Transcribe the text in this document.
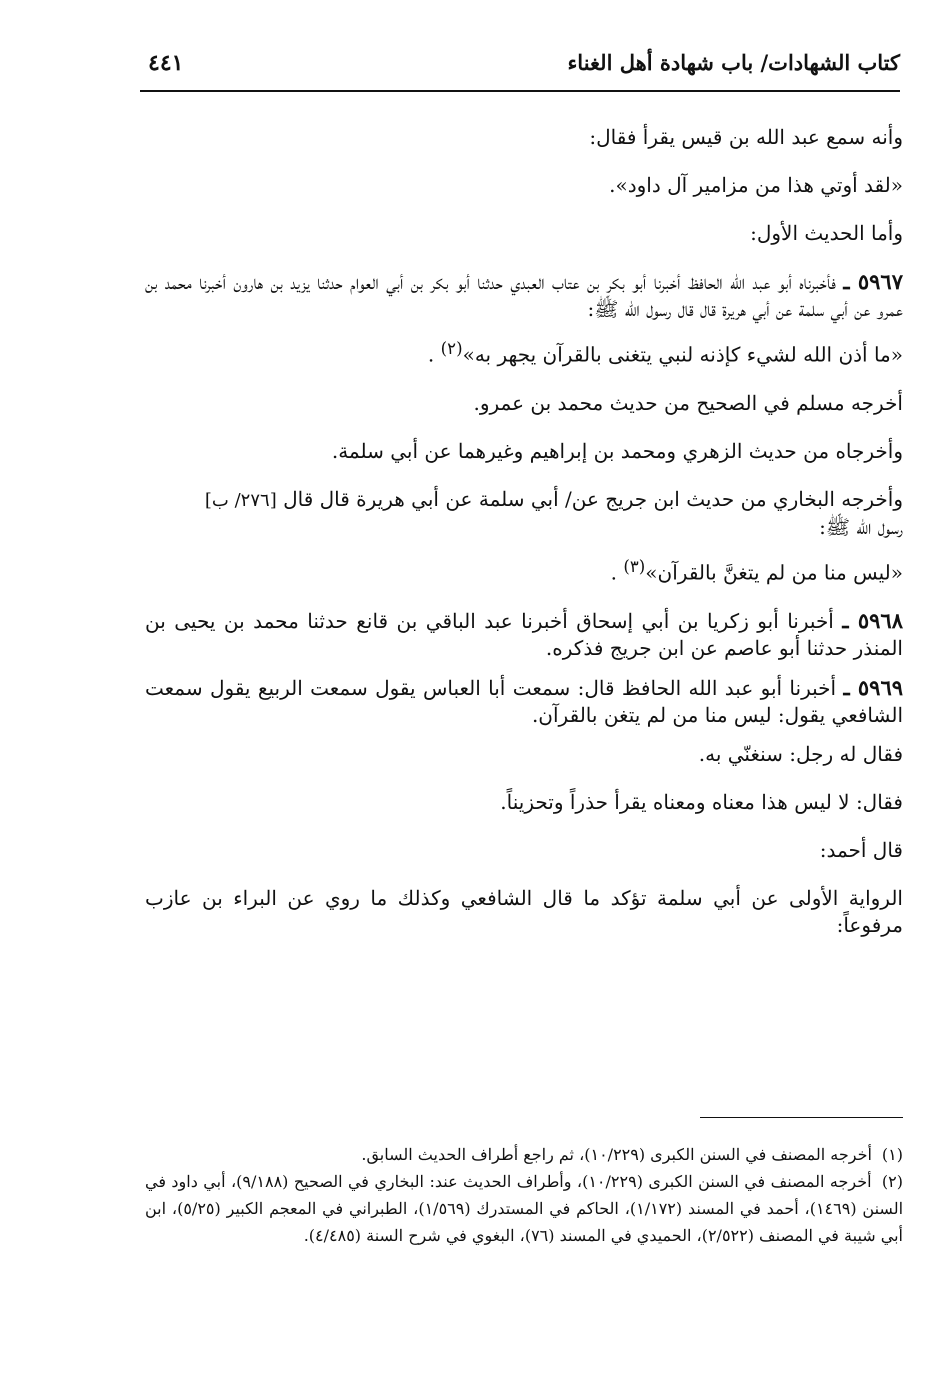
كتاب الشهادات/ باب شهادة أهل الغناء
٤٤١

وأنه سمع عبد الله بن قيس يقرأ فقال:

«لقد أوتي هذا من مزامير آل داود».

وأما الحديث الأول:

٥٩٦٧ ـ فأخبرناه أبو عبد الله الحافظ أخبرنا أبو بكر بن عتاب العبدي حدثنا أبو بكر بن أبي العوام حدثنا يزيد بن هارون أخبرنا محمد بن عمرو عن أبي سلمة عن أبي هريرة قال قال رسول الله ﷺ:

«ما أذن الله لشيء كإذنه لنبي يتغنى بالقرآن يجهر به»$^{(٢)}$ .

أخرجه مسلم في الصحيح من حديث محمد بن عمرو.

وأخرجاه من حديث الزهري ومحمد بن إبراهيم وغيرهما عن أبي سلمة.

وأخرجه البخاري من حديث ابن جريج عن/ أبي سلمة عن أبي هريرة قال قال [٢٧٦/ ب]
رسول الله ﷺ:

«ليس منا من لم يتغنَّ بالقرآن»$^{(٣)}$ .

٥٩٦٨ ـ أخبرنا أبو زكريا بن أبي إسحاق أخبرنا عبد الباقي بن قانع حدثنا محمد بن يحيى بن المنذر حدثنا أبو عاصم عن ابن جريج فذكره.

٥٩٦٩ ـ أخبرنا أبو عبد الله الحافظ قال: سمعت أبا العباس يقول سمعت الربيع يقول سمعت الشافعي يقول: ليس منا من لم يتغن بالقرآن.

فقال له رجل: سنغنّي به.

فقال: لا ليس هذا معناه ومعناه يقرأ حذراً وتحزيناً.

قال أحمد:

الرواية الأولى عن أبي سلمة تؤكد ما قال الشافعي وكذلك ما روي عن البراء بن عازب مرفوعاً:

(١) أخرجه المصنف في السنن الكبرى (١٠/٢٢٩)، ثم راجع أطراف الحديث السابق.

(٢) أخرجه المصنف في السنن الكبرى (١٠/٢٢٩)، وأطراف الحديث عند: البخاري في الصحيح (٩/١٨٨)، أبي داود في السنن (١٤٦٩)، أحمد في المسند (١/١٧٢)، الحاكم في المستدرك (١/٥٦٩)، الطبراني في المعجم الكبير (٥/٢٥)، ابن أبي شيبة في المصنف (٢/٥٢٢)، الحميدي في المسند (٧٦)، البغوي في شرح السنة (٤/٤٨٥).
